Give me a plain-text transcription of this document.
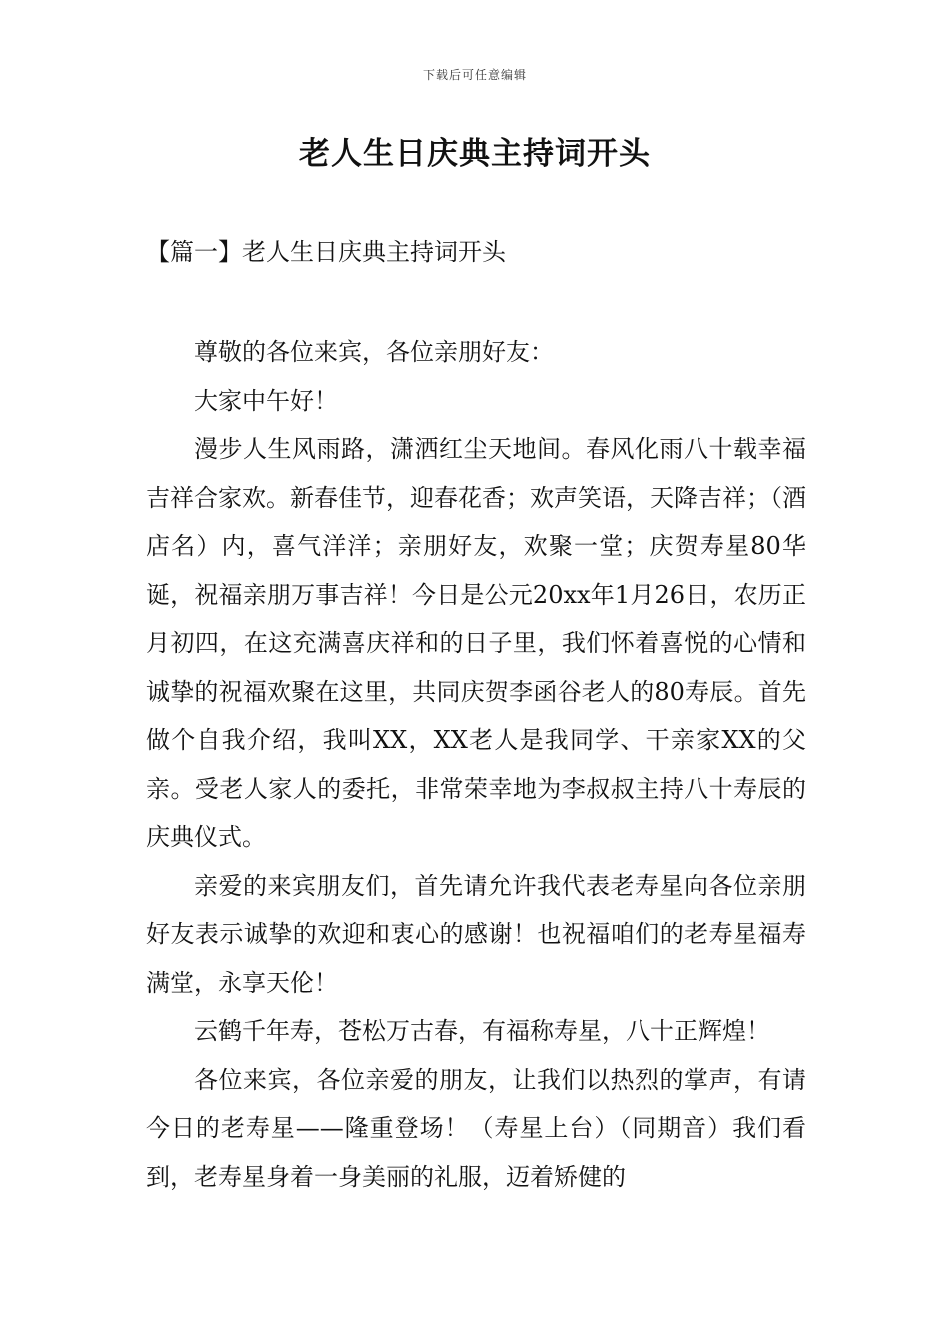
下载后可任意编辑
老人生日庆典主持词开头
【篇一】老人生日庆典主持词开头

尊敬的各位来宾，各位亲朋好友：

大家中午好！

漫步人生风雨路，潇洒红尘天地间。春风化雨八十载幸福吉祥合家欢。新春佳节，迎春花香；欢声笑语，天降吉祥；（酒店名）内，喜气洋洋；亲朋好友，欢聚一堂；庆贺寿星80华诞，祝福亲朋万事吉祥！今日是公元20xx年1月26日，农历正月初四，在这充满喜庆祥和的日子里，我们怀着喜悦的心情和诚挚的祝福欢聚在这里，共同庆贺李函谷老人的80寿辰。首先做个自我介绍，我叫XX，XX老人是我同学、干亲家XX的父亲。受老人家人的委托，非常荣幸地为李叔叔主持八十寿辰的庆典仪式。

亲爱的来宾朋友们，首先请允许我代表老寿星向各位亲朋好友表示诚挚的欢迎和衷心的感谢！也祝福咱们的老寿星福寿满堂，永享天伦！

云鹤千年寿，苍松万古春，有福称寿星，八十正辉煌！

各位来宾，各位亲爱的朋友，让我们以热烈的掌声，有请今日的老寿星——隆重登场！（寿星上台）（同期音）我们看到，老寿星身着一身美丽的礼服，迈着矫健的
